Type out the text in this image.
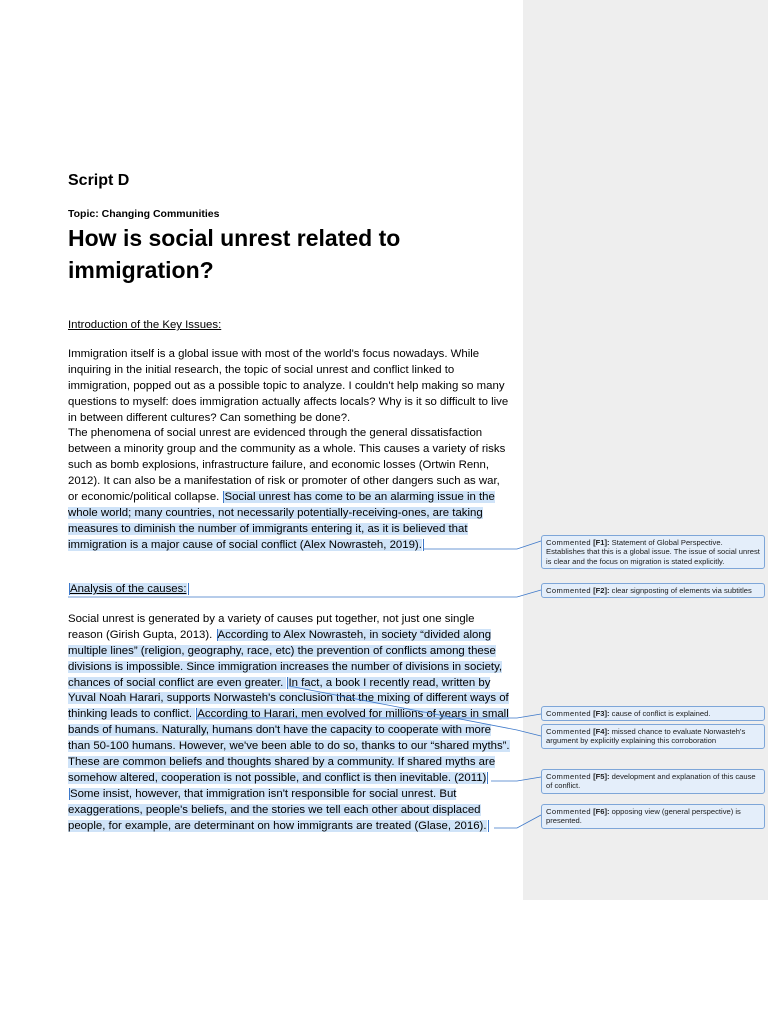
Script D
Topic: Changing Communities
How is social unrest related to immigration?
Introduction of the Key Issues:
Immigration itself is a global issue with most of the world's focus nowadays. While
inquiring in the initial research, the topic of social unrest and conflict linked to
immigration, popped out as a possible topic to analyze. I couldn't help making so many
questions to myself: does immigration actually affects locals? Why is it so difficult to live
in between different cultures? Can something be done?.
The phenomena of social unrest are evidenced through the general dissatisfaction
between a minority group and the community as a whole. This causes a variety of risks
such as bomb explosions, infrastructure failure, and economic losses (Ortwin Renn,
2012). It can also be a manifestation of risk or promoter of other dangers such as war,
or economic/political collapse. Social unrest has come to be an alarming issue in the
whole world; many countries, not necessarily potentially-receiving-ones, are taking
measures to diminish the number of immigrants entering it, as it is believed that
immigration is a major cause of social conflict (Alex Nowrasteh, 2019).
Analysis of the causes:
Social unrest is generated by a variety of causes put together, not just one single
reason (Girish Gupta, 2013). According to Alex Nowrasteh, in society “divided along
multiple lines” (religion, geography, race, etc) the prevention of conflicts among these
divisions is impossible. Since immigration increases the number of divisions in society,
chances of social conflict are even greater. In fact, a book I recently read, written by
Yuval Noah Harari, supports Norwasteh's conclusion that the mixing of different ways of
thinking leads to conflict. According to Harari, men evolved for millions of years in small
bands of humans. Naturally, humans don't have the capacity to cooperate with more
than 50-100 humans. However, we've been able to do so, thanks to our “shared myths”.
These are common beliefs and thoughts shared by a community. If shared myths are
somehow altered, cooperation is not possible, and conflict is then inevitable. (2011)
Some insist, however, that immigration isn't responsible for social unrest. But
exaggerations, people's beliefs, and the stories we tell each other about displaced
people, for example, are determinant on how immigrants are treated (Glase, 2016).
Commented [F1]: Statement of Global Perspective. Establishes that this is a global issue. The issue of social unrest is clear and the focus on migration is stated explicitly.
Commented [F2]: clear signposting of elements via subtitles
Commented [F3]: cause of conflict is explained.
Commented [F4]: missed chance to evaluate Norwasteh's argument by explicitly explaining this corroboration
Commented [F5]: development and explanation of this cause of conflict.
Commented [F6]: opposing view (general perspective) is presented.
